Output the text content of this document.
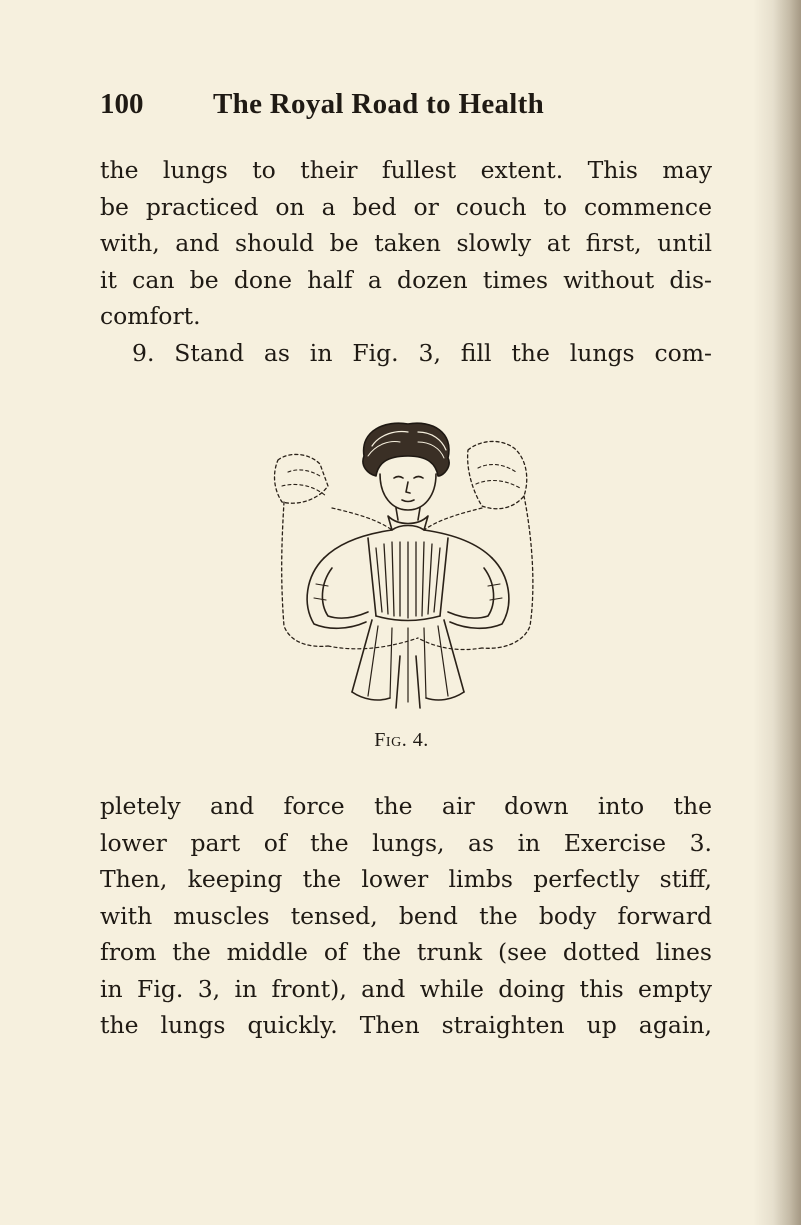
100 The Royal Road to Health
the lungs to their fullest extent. This may
be practiced on a bed or couch to commence
with, and should be taken slowly at first, until
it can be done half a dozen times without dis-
comfort.
9. Stand as in Fig. 3, fill the lungs com-
Fig. 4.
pletely and force the air down into the
lower part of the lungs, as in Exercise 3.
Then, keeping the lower limbs perfectly stiff,
with muscles tensed, bend the body forward
from the middle of the trunk (see dotted lines
in Fig. 3, in front), and while doing this empty
the lungs quickly. Then straighten up again,
